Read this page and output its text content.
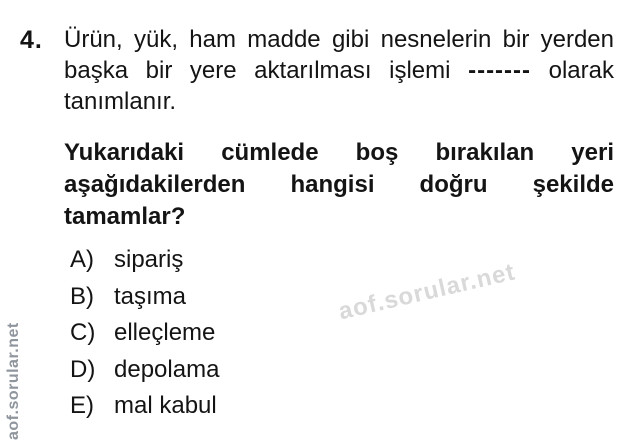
4. Ürün, yük, ham madde gibi nesnelerin bir yerden
başka bir yere aktarılması işlemi ------- olarak
tanımlanır.
Yukarıdaki cümlede boş bırakılan yeri
aşağıdakilerden hangisi doğru şekilde
tamamlar?
A) sipariş
B) taşıma
C) elleçleme
D) depolama
E) mal kabul
aof.sorular.net
aof.sorular.net
